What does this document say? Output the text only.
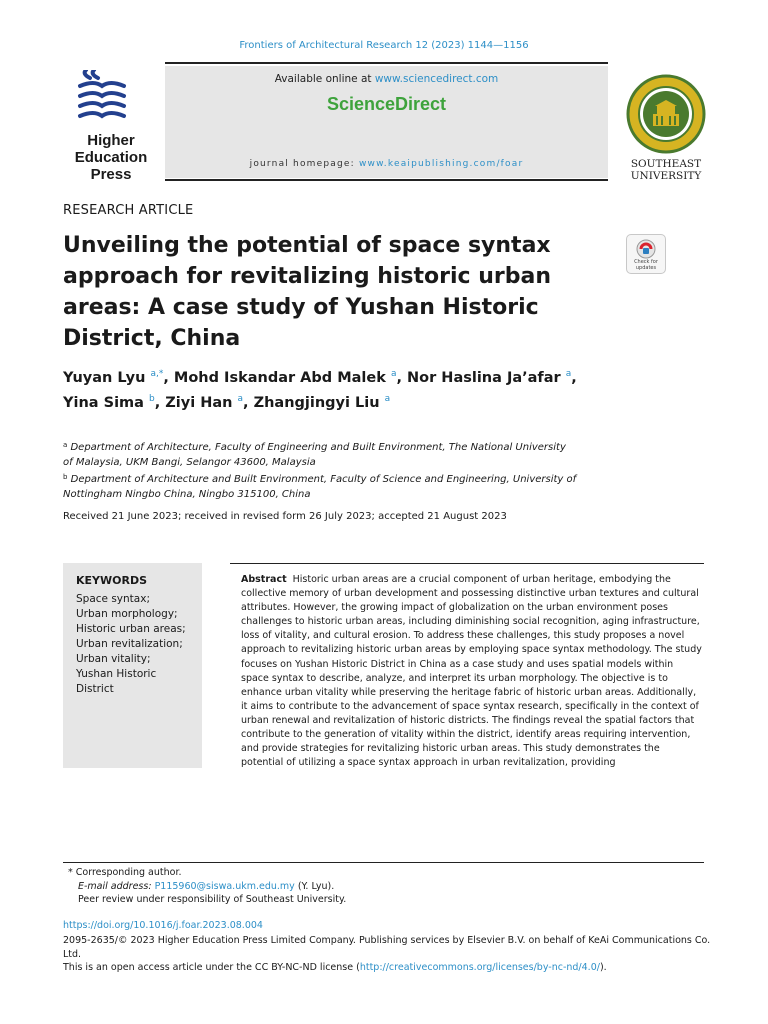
Frontiers of Architectural Research 12 (2023) 1144—1156
Higher
Education
Press
Available online at www.sciencedirect.com
ScienceDirect
journal homepage: www.keaipublishing.com/foar	SOUTHEAST
UNIVERSITY
RESEARCH ARTICLE
Unveiling the potential of space syntax approach for revitalizing historic urban areas: A case study of Yushan Historic District, China
Check for
updates
Yuyan Lyu $^{a,*}$, Mohd Iskandar Abd Malek $^a$, Nor Haslina Ja’afar $^a$,
Yina Sima $^b$, Ziyi Han $^a$, Zhangjingyi Liu $^a$
$^a$ Department of Architecture, Faculty of Engineering and Built Environment, The National University
of Malaysia, UKM Bangi, Selangor 43600, Malaysia
$^b$ Department of Architecture and Built Environment, Faculty of Science and Engineering, University of
Nottingham Ningbo China, Ningbo 315100, China
Received 21 June 2023; received in revised form 26 July 2023; accepted 21 August 2023
KEYWORDS
Space syntax;
Urban morphology;
Historic urban areas;
Urban revitalization;
Urban vitality;
Yushan Historic
District
Abstract Historic urban areas are a crucial component of urban heritage, embodying the collective memory of urban development and possessing distinctive urban textures and cultural attributes. However, the growing impact of globalization on the urban environment poses challenges to historic urban areas, including diminishing social recognition, aging infrastructure, loss of vitality, and cultural erosion. To address these challenges, this study proposes a novel approach to revitalizing historic urban areas by employing space syntax methodology. The study focuses on Yushan Historic District in China as a case study and uses spatial models within space syntax to describe, analyze, and interpret its urban morphology. The objective is to enhance urban vitality while preserving the heritage fabric of historic urban areas. Additionally, it aims to contribute to the advancement of space syntax research, specifically in the context of urban renewal and revitalization of historic districts. The findings reveal the spatial factors that contribute to the generation of vitality within the district, identify areas requiring intervention, and provide strategies for revitalizing historic urban areas. This study demonstrates the potential of utilizing a space syntax approach in urban revitalization, providing
* Corresponding author.
E-mail address: P115960@siswa.ukm.edu.my (Y. Lyu).
Peer review under responsibility of Southeast University.
https://doi.org/10.1016/j.foar.2023.08.004
2095-2635/© 2023 Higher Education Press Limited Company. Publishing services by Elsevier B.V. on behalf of KeAi Communications Co. Ltd.
This is an open access article under the CC BY-NC-ND license (http://creativecommons.org/licenses/by-nc-nd/4.0/).
